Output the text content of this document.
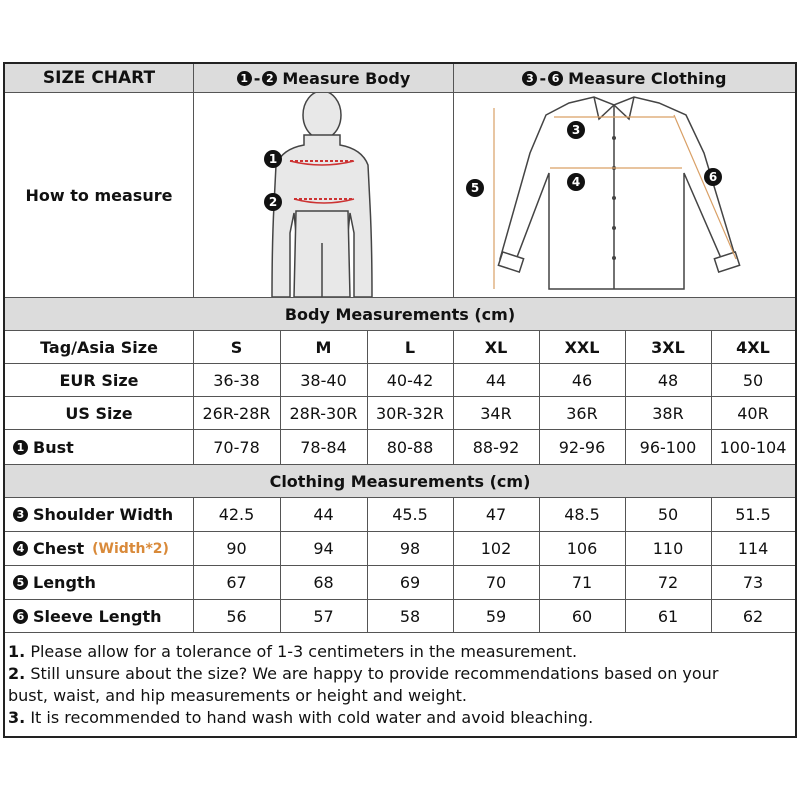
SIZE CHART	1 - 2 Measure Body	3 - 6 Measure Clothing
How to measure
1
2
3
4
5
6
Body Measurements (cm)
Tag/Asia Size	S	M	L	XL	XXL	3XL	4XL
EUR Size	36-38	38-40	40-42	44	46	48	50
US Size	26R-28R	28R-30R	30R-32R	34R	36R	38R	40R
1 Bust	70-78	78-84	80-88	88-92	92-96	96-100	100-104
Clothing Measurements (cm)
3 Shoulder Width	42.5	44	45.5	47	48.5	50	51.5
4 Chest (Width*2)	90	94	98	102	106	110	114
5 Length	67	68	69	70	71	72	73
6 Sleeve Length	56	57	58	59	60	61	62
1. Please allow for a tolerance of 1-3 centimeters in the measurement.
2. Still unsure about the size? We are happy to provide recommendations based on your
bust, waist, and hip measurements or height and weight.
3. It is recommended to hand wash with cold water and avoid bleaching.
